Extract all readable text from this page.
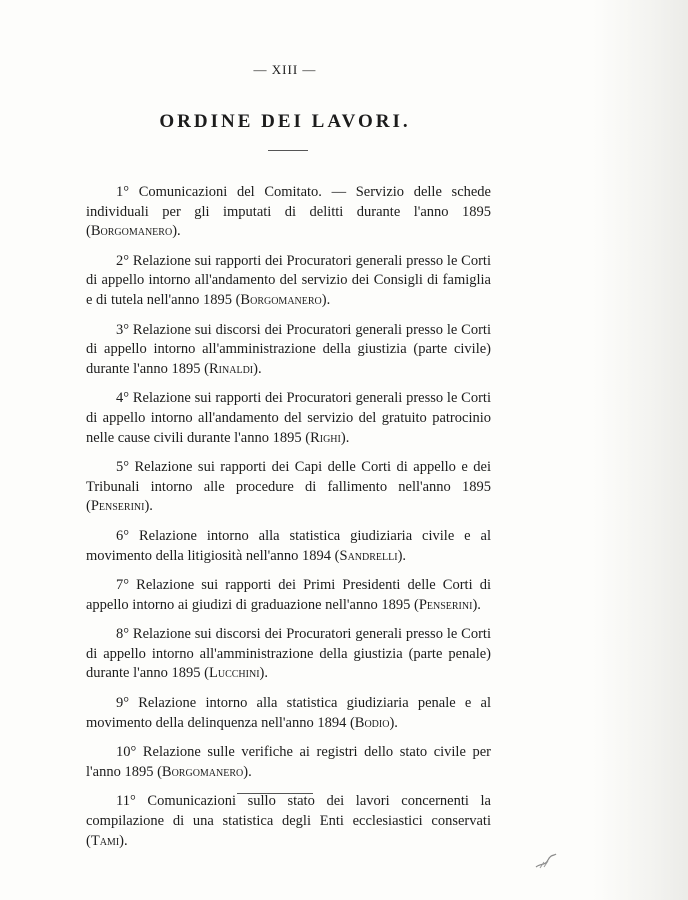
— XIII —
ORDINE DEI LAVORI.

1° Comunicazioni del Comitato. — Servizio delle schede individuali per gli imputati di delitti durante l'anno 1895 (Borgomanero).

2° Relazione sui rapporti dei Procuratori generali presso le Corti di appello intorno all'andamento del servizio dei Consigli di famiglia e di tutela nell'anno 1895 (Borgomanero).

3° Relazione sui discorsi dei Procuratori generali presso le Corti di appello intorno all'amministrazione della giustizia (parte civile) durante l'anno 1895 (Rinaldi).

4° Relazione sui rapporti dei Procuratori generali presso le Corti di appello intorno all'andamento del servizio del gratuito patrocinio nelle cause civili durante l'anno 1895 (Righi).

5° Relazione sui rapporti dei Capi delle Corti di appello e dei Tribunali intorno alle procedure di fallimento nell'anno 1895 (Penserini).

6° Relazione intorno alla statistica giudiziaria civile e al movimento della litigiosità nell'anno 1894 (Sandrelli).

7° Relazione sui rapporti dei Primi Presidenti delle Corti di appello intorno ai giudizi di graduazione nell'anno 1895 (Penserini).

8° Relazione sui discorsi dei Procuratori generali presso le Corti di appello intorno all'amministrazione della giustizia (parte penale) durante l'anno 1895 (Lucchini).

9° Relazione intorno alla statistica giudiziaria penale e al movimento della delinquenza nell'anno 1894 (Bodio).

10° Relazione sulle verifiche ai registri dello stato civile per l'anno 1895 (Borgomanero).

11° Comunicazioni sullo stato dei lavori concernenti la compilazione di una statistica degli Enti ecclesiastici conservati (Tami).
